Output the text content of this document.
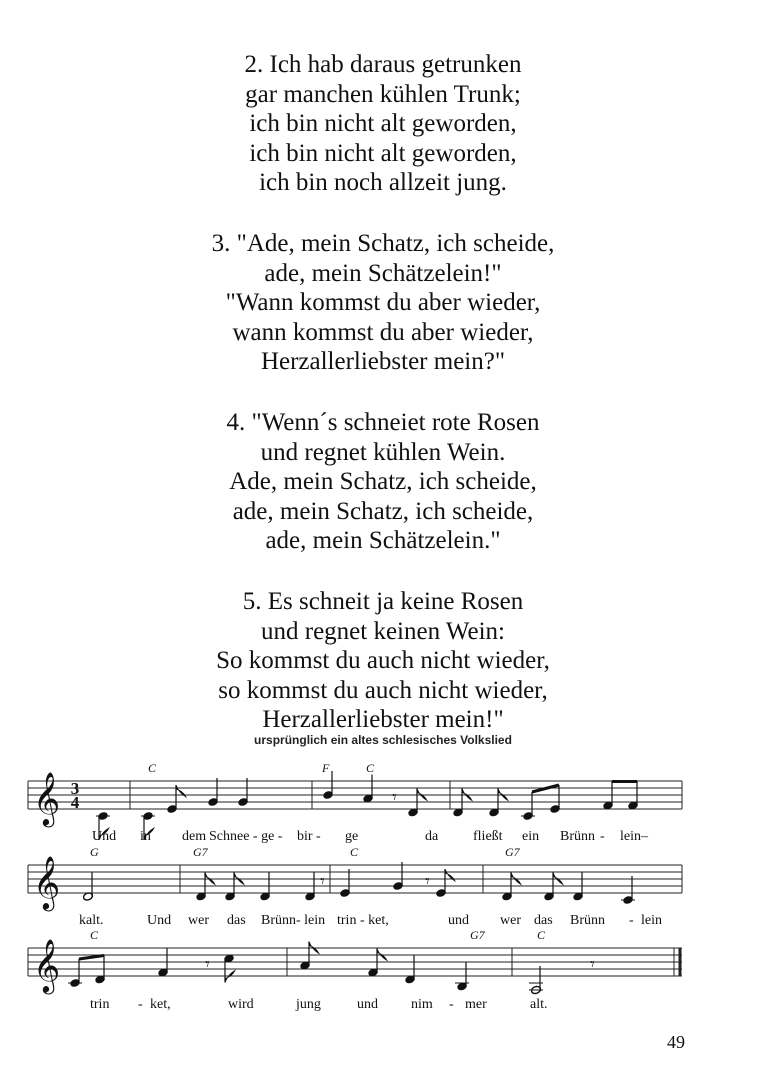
2. Ich hab daraus getrunken
gar manchen kühlen Trunk;
ich bin nicht alt geworden,
ich bin nicht alt geworden,
ich bin noch allzeit jung.
3. "Ade, mein Schatz, ich scheide,
ade, mein Schätzelein!"
"Wann kommst du aber wieder,
wann kommst du aber wieder,
Herzallerliebster mein?"
4. "Wenn´s schneiet rote Rosen
und regnet kühlen Wein.
Ade, mein Schatz, ich scheide,
ade, mein Schatz, ich scheide,
ade, mein Schätzelein."
5. Es schneit ja keine Rosen
und regnet keinen Wein:
So kommst du auch nicht wieder,
so kommst du auch nicht wieder,
Herzallerliebster mein!"
ursprünglich ein altes schlesisches Volkslied
𝄞
𝄞
𝄞
𝄾
𝄾	𝄾
𝄾	𝄾
3
4
C	F	C
G	G7	C	G7
C	G7	C
Und in dem Schnee - ge - bir - ge	da fließt ein Brünn - lein–
kalt.	Und wer das Brünn- lein trin - ket,	und wer das Brünn - lein
trin - ket,	wird	jung	und nim - mer	alt.
49
